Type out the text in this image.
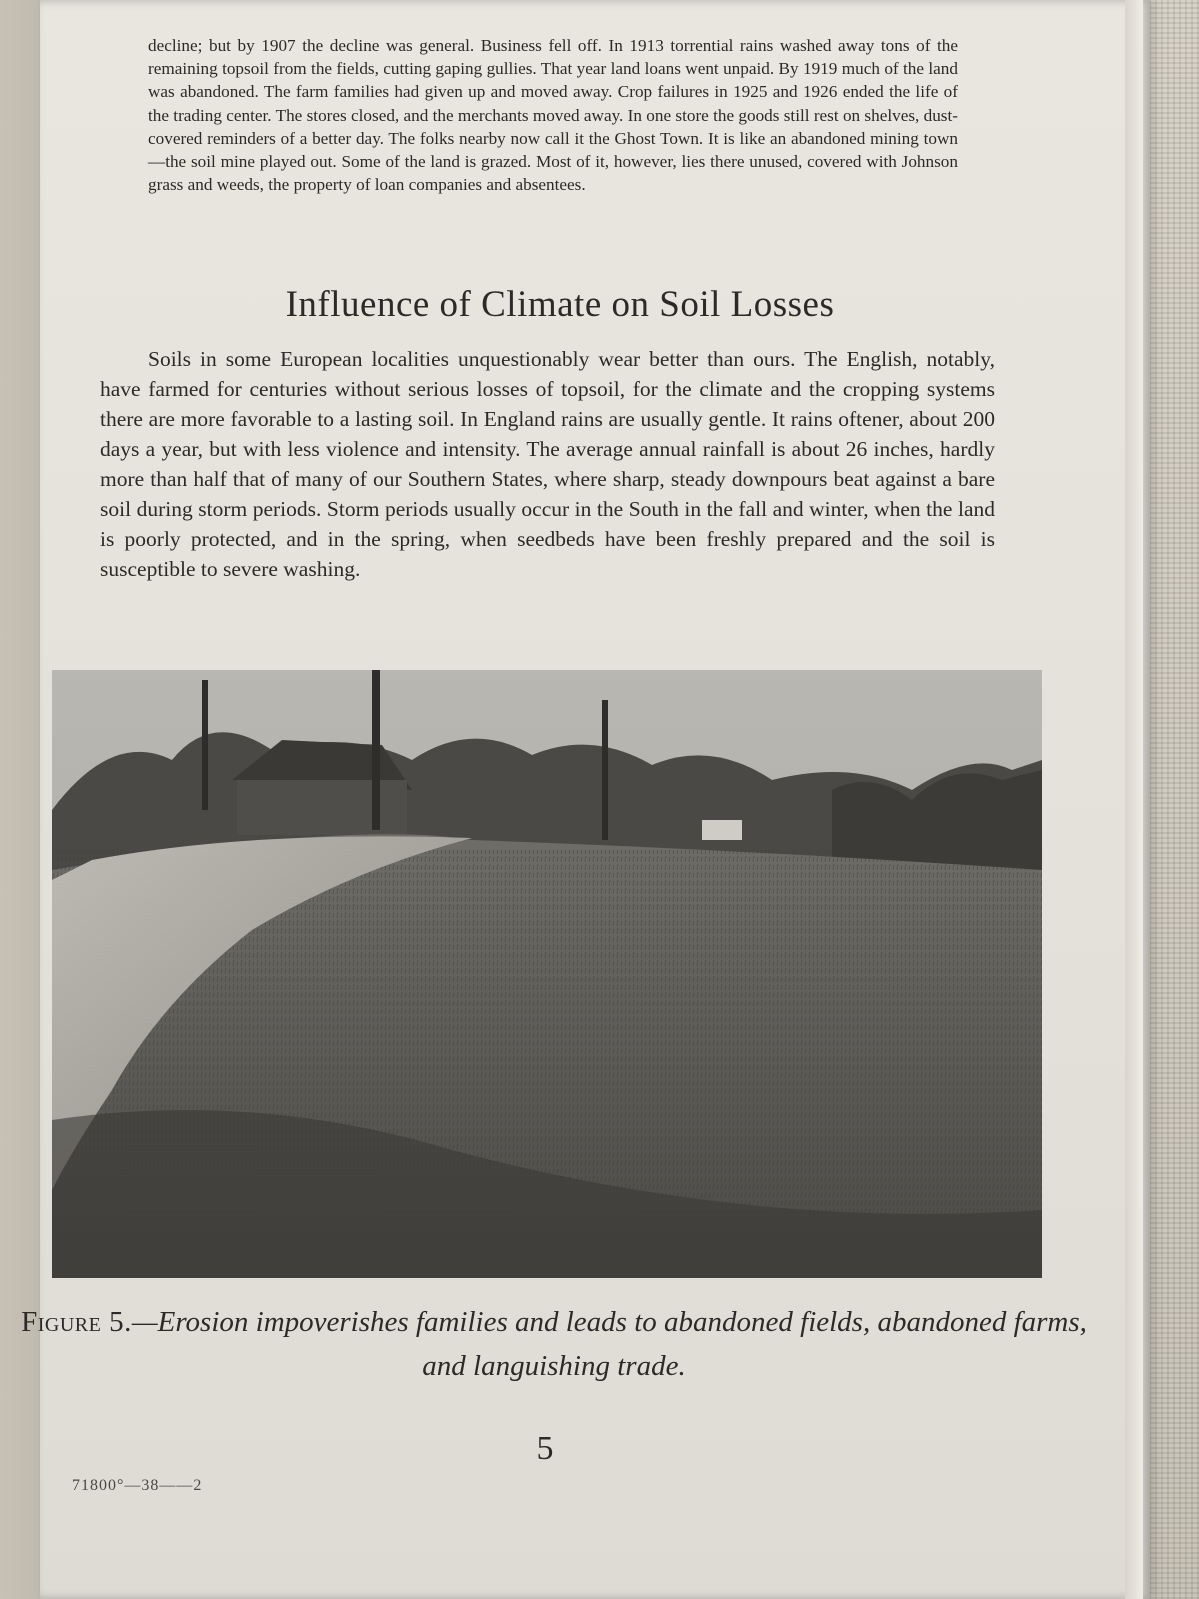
decline; but by 1907 the decline was general. Business fell off. In 1913 torrential rains washed away tons of the remaining topsoil from the fields, cutting gaping gullies. That year land loans went unpaid. By 1919 much of the land was abandoned. The farm families had given up and moved away. Crop failures in 1925 and 1926 ended the life of the trading center. The stores closed, and the merchants moved away. In one store the goods still rest on shelves, dust-covered reminders of a better day. The folks nearby now call it the Ghost Town. It is like an abandoned mining town—the soil mine played out. Some of the land is grazed. Most of it, however, lies there unused, covered with Johnson grass and weeds, the property of loan companies and absentees.

Influence of Climate on Soil Losses

Soils in some European localities unquestionably wear better than ours. The English, notably, have farmed for centuries without serious losses of topsoil, for the climate and the cropping systems there are more favorable to a lasting soil. In England rains are usually gentle. It rains oftener, about 200 days a year, but with less violence and intensity. The average annual rainfall is about 26 inches, hardly more than half that of many of our Southern States, where sharp, steady downpours beat against a bare soil during storm periods. Storm periods usually occur in the South in the fall and winter, when the land is poorly protected, and in the spring, when seedbeds have been freshly prepared and the soil is susceptible to severe washing.

Figure 5.—Erosion impoverishes families and leads to abandoned fields, abandoned farms, and languishing trade.
5
71800°—38——2
